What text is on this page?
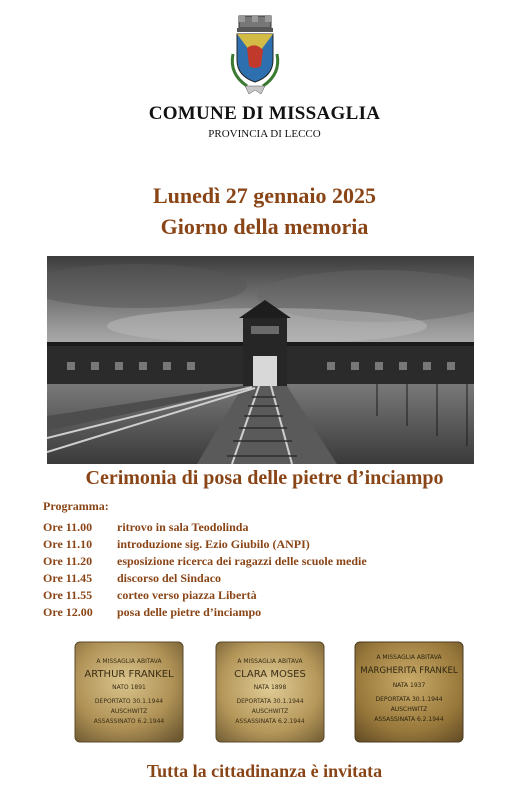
COMUNE DI MISSAGLIA
PROVINCIA DI LECCO
Lunedì 27 gennaio 2025
Giorno della memoria
Cerimonia di posa delle pietre d’inciampo
Programma:
Ore 11.00 ritrovo in sala Teodolinda
Ore 11.10 introduzione sig. Ezio Giubilo (ANPI)
Ore 11.20 esposizione ricerca dei ragazzi delle scuole medie
Ore 11.45 discorso del Sindaco
Ore 11.55 corteo verso piazza Libertà
Ore 12.00 posa delle pietre d’inciampo
A MISSAGLIA ABITAVA
ARTHUR FRANKEL
NATO 1891
DEPORTATO 30.1.1944
AUSCHWITZ
ASSASSINATO 6.2.1944
A MISSAGLIA ABITAVA
CLARA MOSES
NATA 1898
DEPORTATA 30.1.1944
AUSCHWITZ
ASSASSINATA 6.2.1944
A MISSAGLIA ABITAVA
MARGHERITA FRANKEL
NATA 1937
DEPORTATA 30.1.1944
AUSCHWITZ
ASSASSINATA 6.2.1944
Tutta la cittadinanza è invitata
